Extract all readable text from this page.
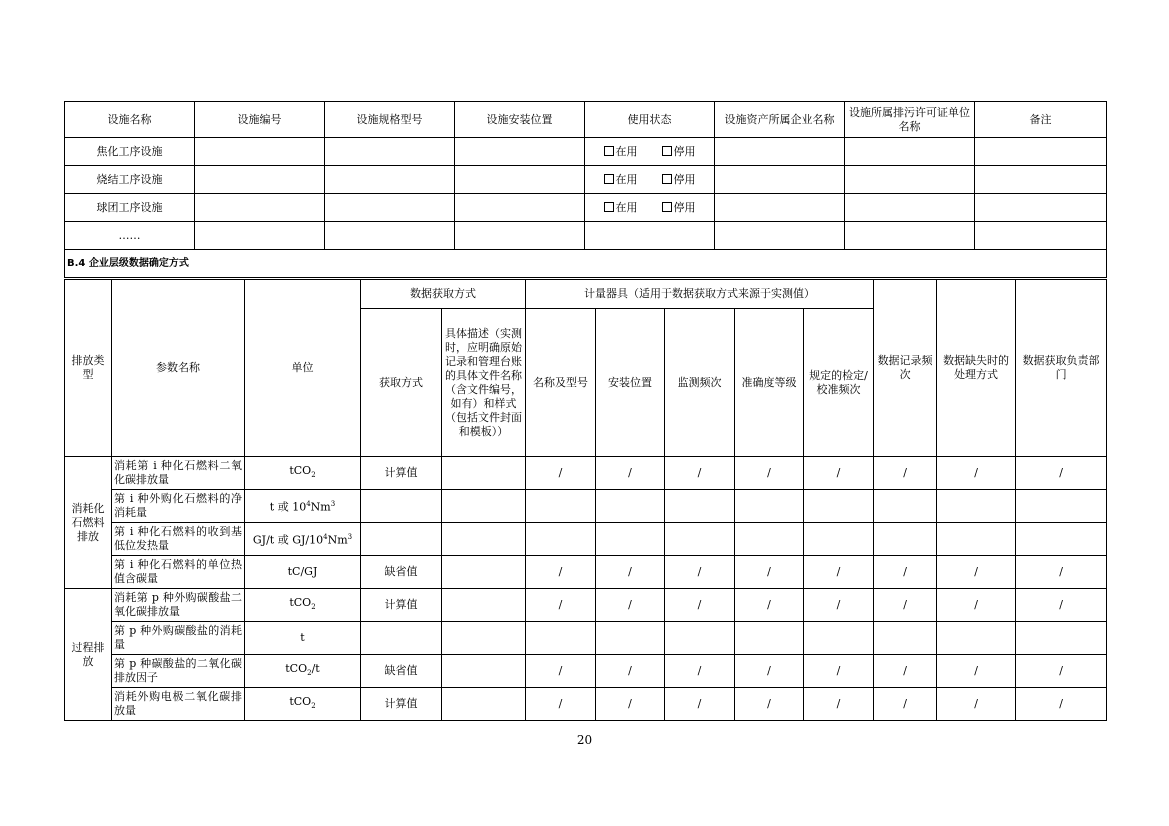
设施名称	设施编号	设施规格型号	设施安装位置	使用状态	设施资产所属企业名称	设施所属排污许可证单位名称	备注
焦化工序设施				在用 停用			

烧结工序设施				在用 停用			

球团工序设施				在用 停用			

……							
B.4 企业层级数据确定方式							
排放类型	参数名称	单位	数据获取方式		计量器具（适用于数据获取方式来源于实测值）					数据记录频次	数据缺失时的处理方式	数据获取负责部门
			获取方式	具体描述（实测时，应明确原始记录和管理台账的具体文件名称（含文件编号，如有）和样式（包括文件封面和模板））	名称及型号	安装位置	监测频次	准确度等级	规定的检定/校准频次			
消耗化石燃料排放	消耗第 i 种化石燃料二氧化碳排放量	tCO$_2$	计算值		/	/	/	/	/	/	/	/
	第 i 种外购化石燃料的净消耗量	t 或 $10^4Nm^3$										
	第 i 种化石燃料的收到基低位发热量	GJ/t 或 $GJ/10^4Nm^3$										
	第 i 种化石燃料的单位热值含碳量	tC/GJ	缺省值		/	/	/	/	/	/	/	/
过程排放	消耗第 p 种外购碳酸盐二氧化碳排放量	tCO$_2$	计算值		/	/	/	/	/	/	/	/
	第 p 种外购碳酸盐的消耗量	t										
	第 p 种碳酸盐的二氧化碳排放因子	tCO$_2$/t	缺省值		/	/	/	/	/	/	/	/
	消耗外购电极二氧化碳排放量	tCO$_2$	计算值		/	/	/	/	/	/	/	/
20
